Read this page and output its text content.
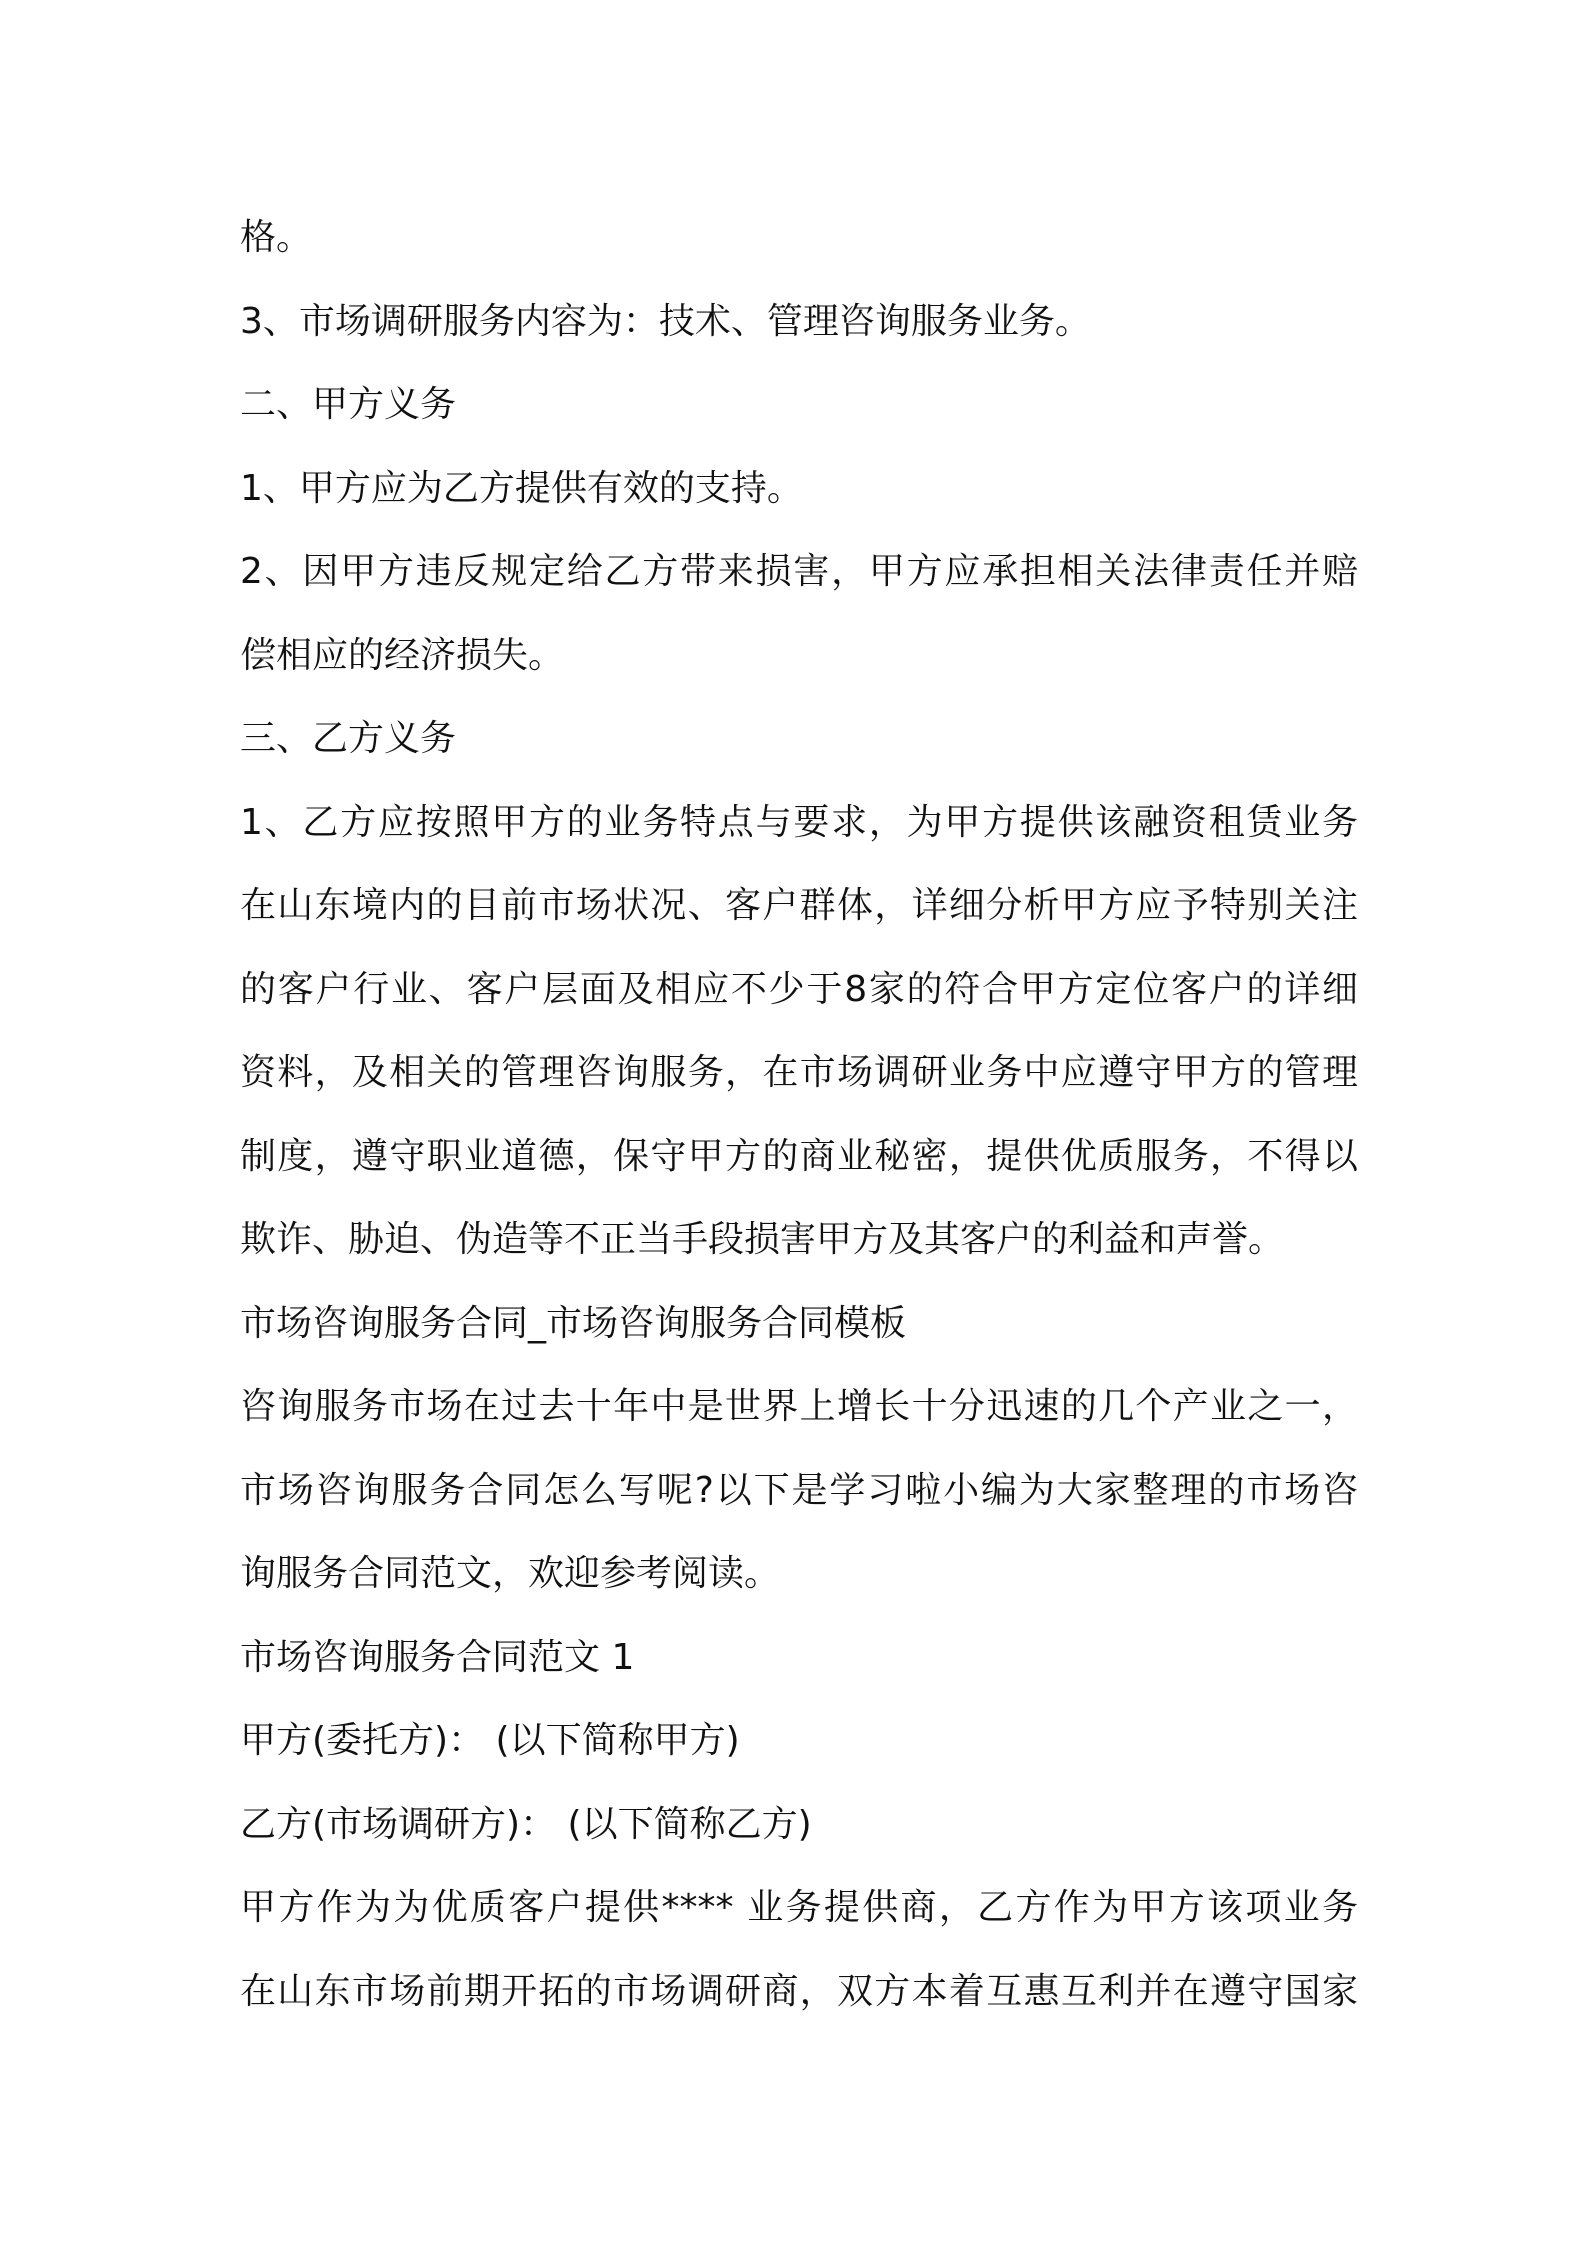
格。
3、市场调研服务内容为：技术、管理咨询服务业务。
二、甲方义务
1、甲方应为乙方提供有效的支持。
2、因甲方违反规定给乙方带来损害，甲方应承担相关法律责任并赔
偿相应的经济损失。
三、乙方义务
1、乙方应按照甲方的业务特点与要求，为甲方提供该融资租赁业务
在山东境内的目前市场状况、客户群体，详细分析甲方应予特别关注
的客户行业、客户层面及相应不少于8家的符合甲方定位客户的详细
资料，及相关的管理咨询服务，在市场调研业务中应遵守甲方的管理
制度，遵守职业道德，保守甲方的商业秘密，提供优质服务，不得以
欺诈、胁迫、伪造等不正当手段损害甲方及其客户的利益和声誉。
市场咨询服务合同_市场咨询服务合同模板
咨询服务市场在过去十年中是世界上增长十分迅速的几个产业之一，
市场咨询服务合同怎么写呢?以下是学习啦小编为大家整理的市场咨
询服务合同范文，欢迎参考阅读。
市场咨询服务合同范文 1
甲方(委托方)： (以下简称甲方)
乙方(市场调研方)： (以下简称乙方)
甲方作为为优质客户提供**** 业务提供商，乙方作为甲方该项业务
在山东市场前期开拓的市场调研商，双方本着互惠互利并在遵守国家
